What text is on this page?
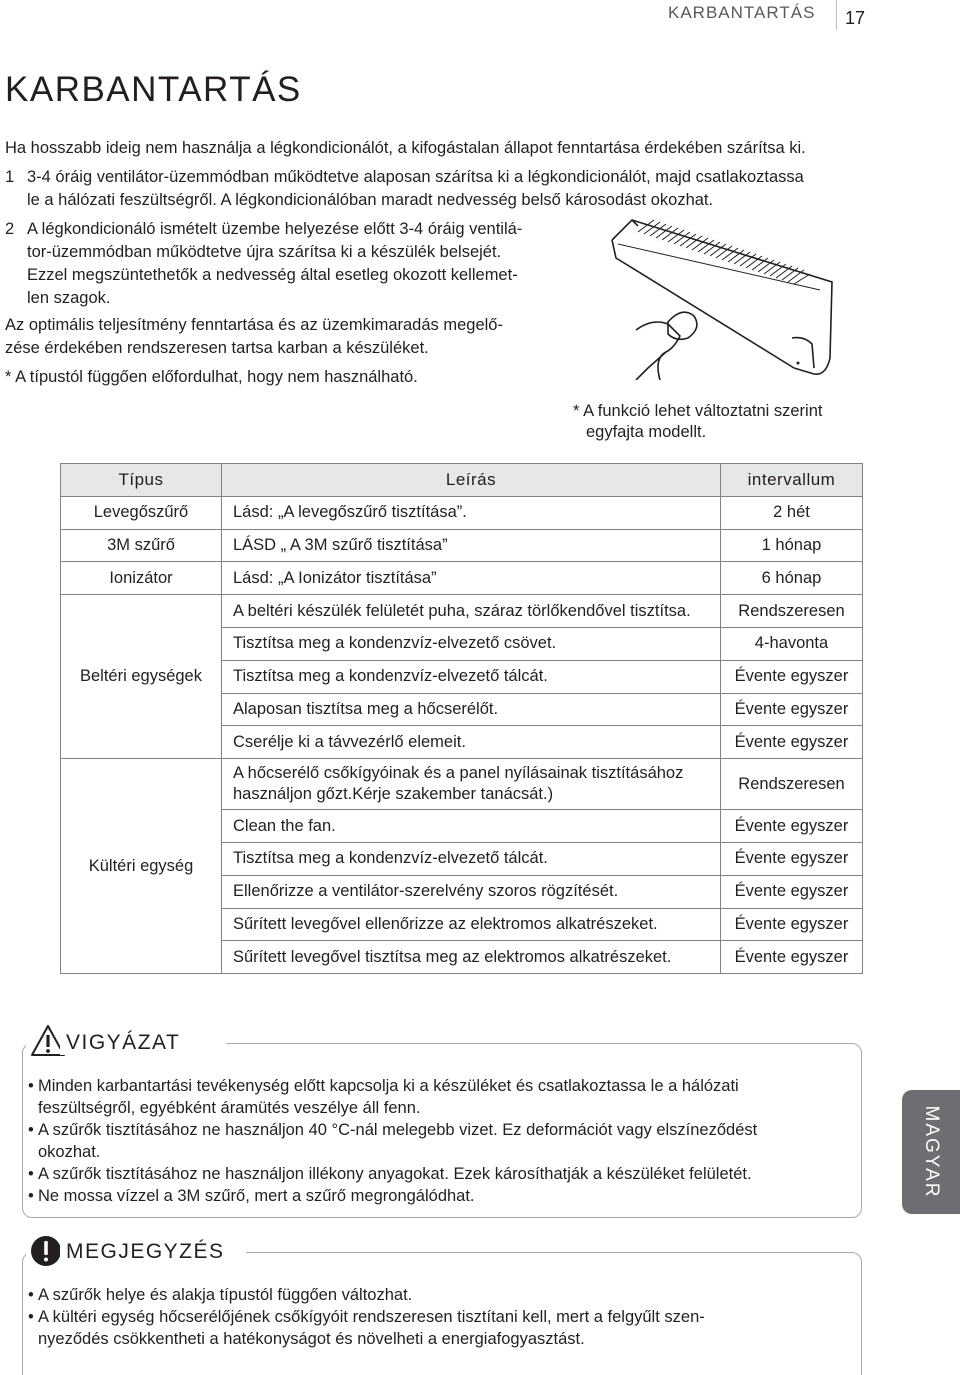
KARBANTARTÁS 17
KARBANTARTÁS
Ha hosszabb ideig nem használja a légkondicionálót, a kifogástalan állapot fenntartása érdekében szárítsa ki.
1 3-4 óráig ventilátor-üzemmódban működtetve alaposan szárítsa ki a légkondicionálót, majd csatlakoztassa
le a hálózati feszültségről. A légkondicionálóban maradt nedvesség belső károsodást okozhat.
2 A légkondicionáló ismételt üzembe helyezése előtt 3-4 óráig ventilá-
tor-üzemmódban működtetve újra szárítsa ki a készülék belsejét.
Ezzel megszüntethetők a nedvesség által esetleg okozott kellemet-
len szagok.
Az optimális teljesítmény fenntartása és az üzemkimaradás megelő-
zése érdekében rendszeresen tartsa karban a készüléket.
* A típustól függően előfordulhat, hogy nem használható.
* A funkció lehet változtatni szerint
egyfajta modellt.
Típus	Leírás	intervallum
Levegőszűrő	Lásd: „A levegőszűrő tisztítása”.	2 hét
3M szűrő	LÁSD „ A 3M szűrő tisztítása”	1 hónap
Ionizátor	Lásd: „A Ionizátor tisztítása”	6 hónap
Beltéri egységek	A beltéri készülék felületét puha, száraz törlőkendővel tisztítsa.	Rendszeresen
	Tisztítsa meg a kondenzvíz-elvezető csövet.	4-havonta
	Tisztítsa meg a kondenzvíz-elvezető tálcát.	Évente egyszer
	Alaposan tisztítsa meg a hőcserélőt.	Évente egyszer
	Cserélje ki a távvezérlő elemeit.	Évente egyszer
Kültéri egység	A hőcserélő csőkígyóinak és a panel nyílásainak tisztításához
használjon gőzt.Kérje szakember tanácsát.)	Rendszeresen
	Clean the fan.	Évente egyszer
	Tisztítsa meg a kondenzvíz-elvezető tálcát.	Évente egyszer
	Ellenőrizze a ventilátor-szerelvény szoros rögzítését.	Évente egyszer
	Sűrített levegővel ellenőrizze az elektromos alkatrészeket.	Évente egyszer
	Sűrített levegővel tisztítsa meg az elektromos alkatrészeket.	Évente egyszer
VIGYÁZAT
• Minden karbantartási tevékenység előtt kapcsolja ki a készüléket és csatlakoztassa le a hálózati
feszültségről, egyébként áramütés veszélye áll fenn.
• A szűrők tisztításához ne használjon 40 °C-nál melegebb vizet. Ez deformációt vagy elszíneződést
okozhat.
• A szűrők tisztításához ne használjon illékony anyagokat. Ezek károsíthatják a készüléket felületét.
• Ne mossa vízzel a 3M szűrő, mert a szűrő megrongálódhat.
MEGJEGYZÉS
• A szűrők helye és alakja típustól függően változhat.
• A kültéri egység hőcserélőjének csőkígyóit rendszeresen tisztítani kell, mert a felgyűlt szen-
nyeződés csökkentheti a hatékonyságot és növelheti a energiafogyasztást.
MAGYAR
